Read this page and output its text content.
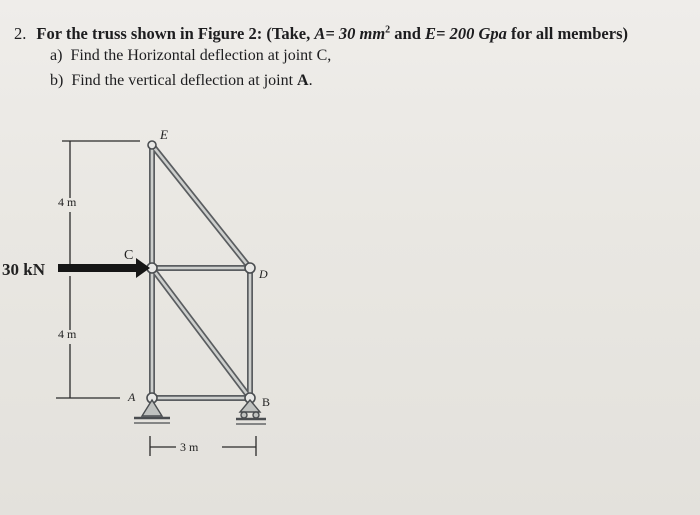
2. For the truss shown in Figure 2: (Take, A= 30 $mm^2$ and E= 200 Gpa for all members)
a) Find the Horizontal deflection at joint C,
b) Find the vertical deflection at joint A.
4 m
4 m
3 m
30 kN
E
C
D
A	B
